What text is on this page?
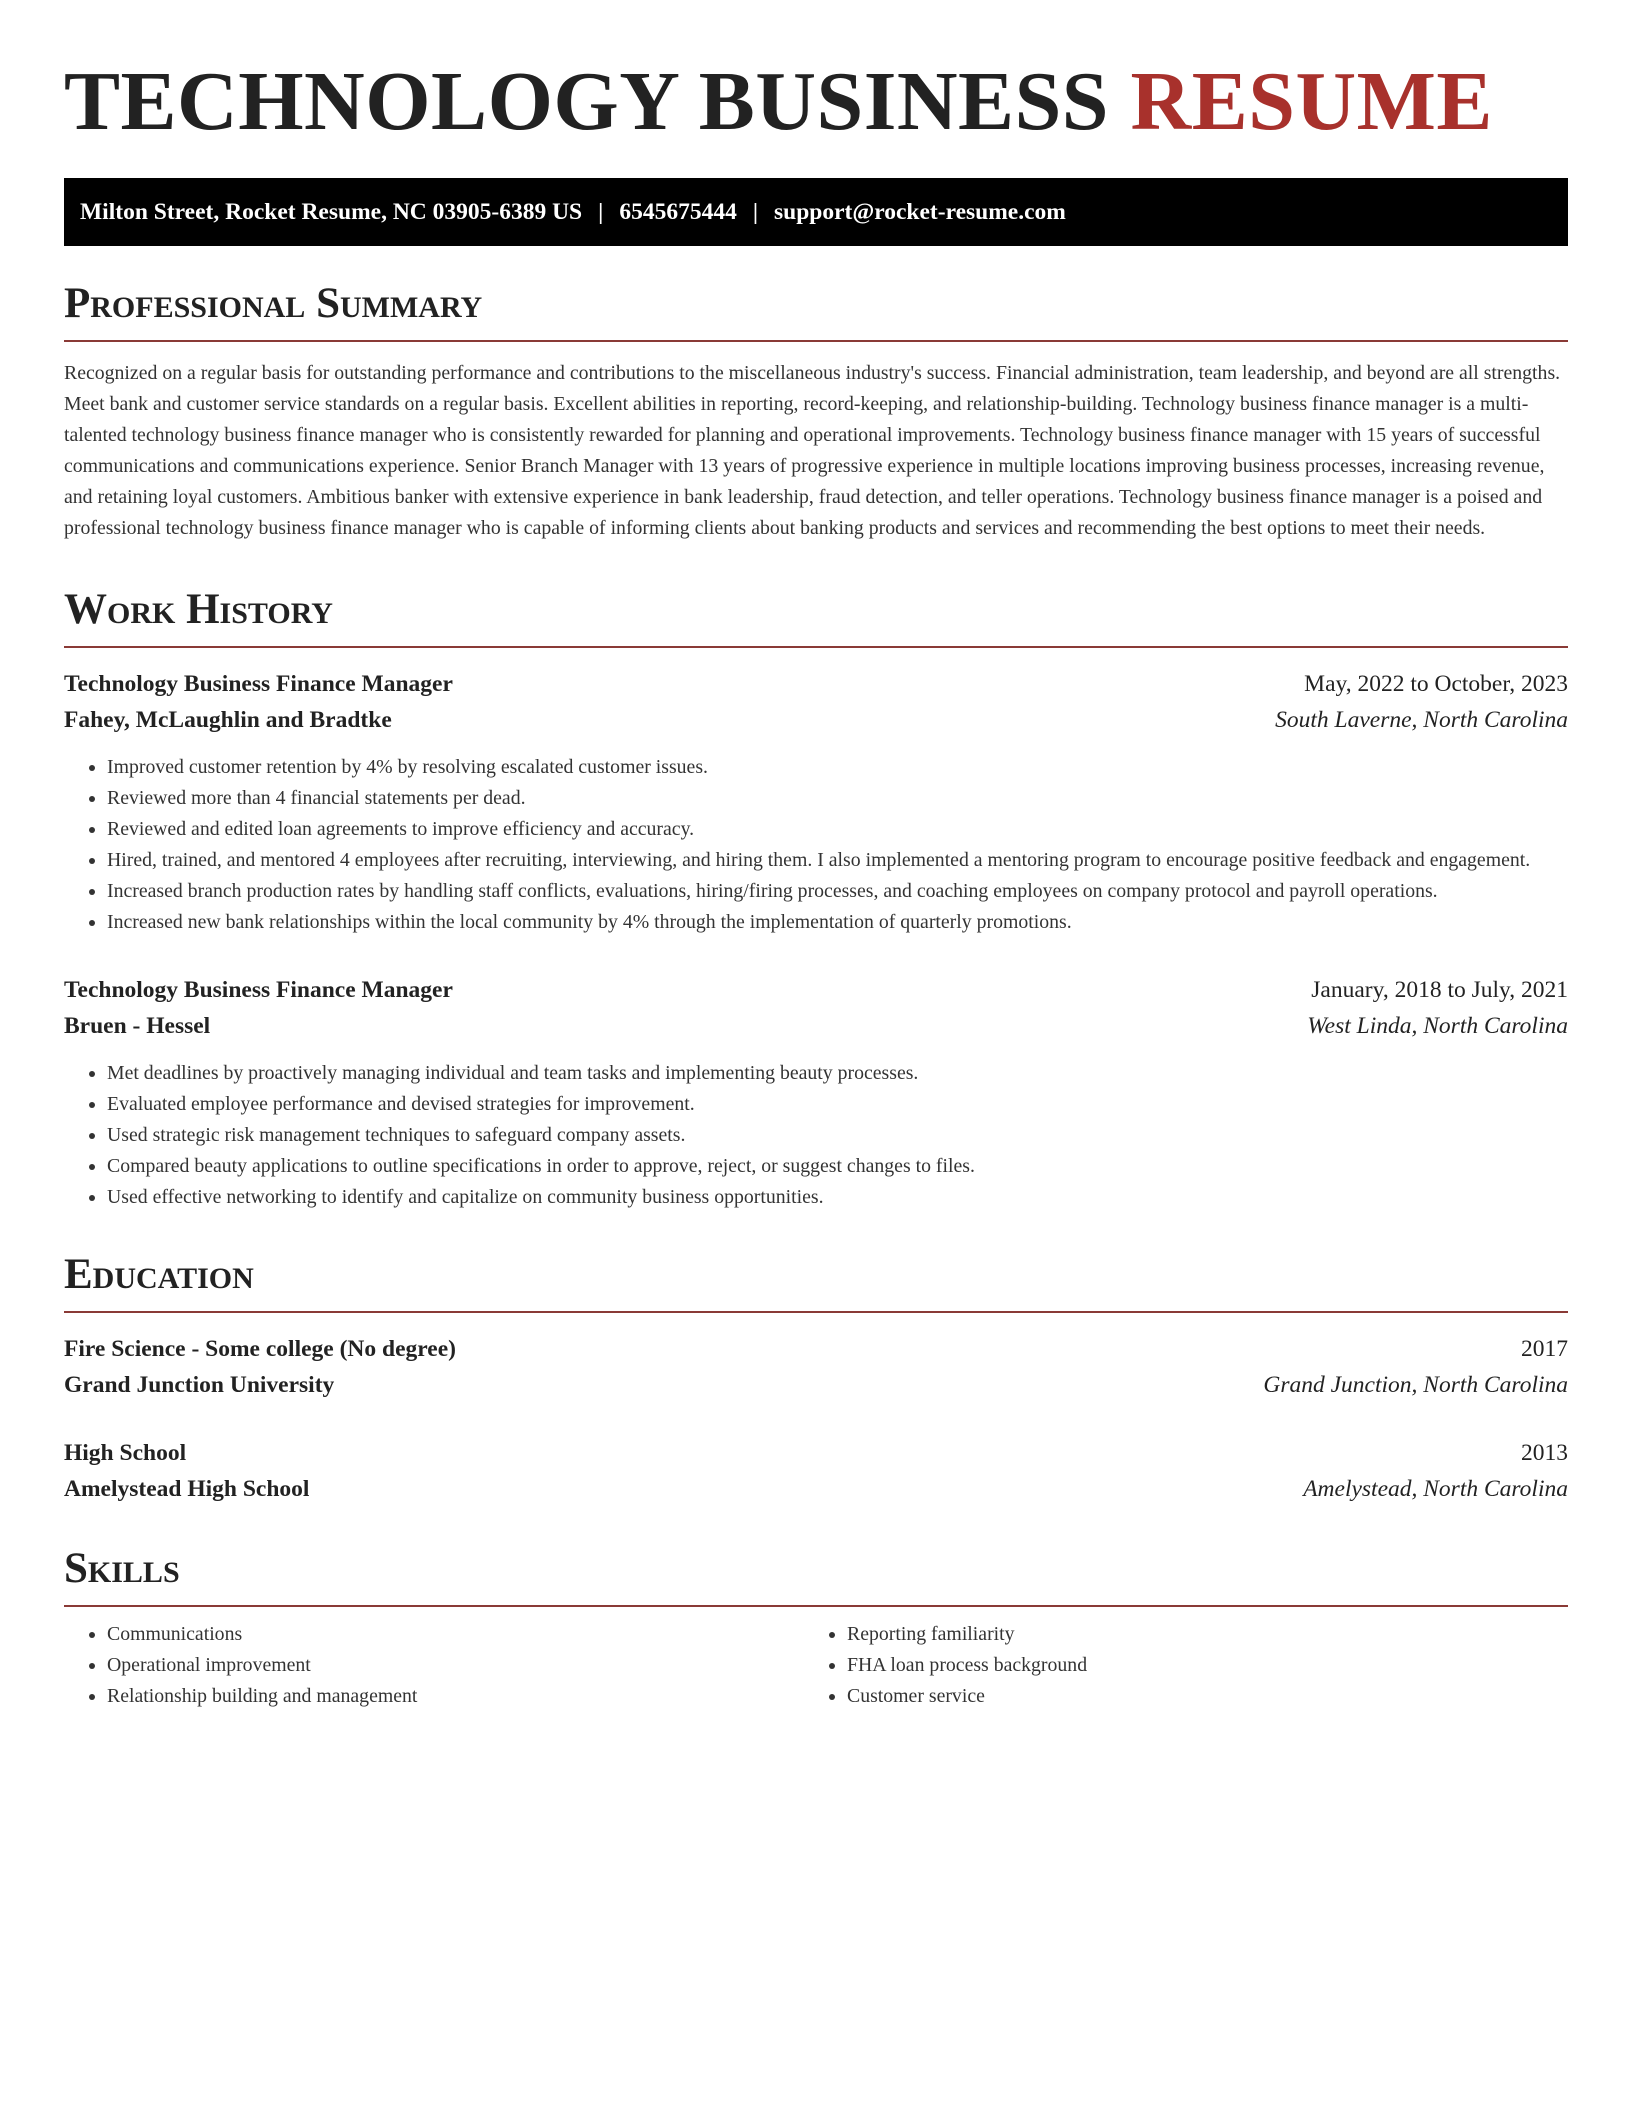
TECHNOLOGY BUSINESS RESUME
Milton Street, Rocket Resume, NC 03905-6389 US | 6545675444 | support@rocket-resume.com
Professional Summary

Recognized on a regular basis for outstanding performance and contributions to the miscellaneous industry's success. Financial administration, team leadership, and beyond are all strengths. Meet bank and customer service standards on a regular basis. Excellent abilities in reporting, record-keeping, and relationship-building. Technology business finance manager is a multi-talented technology business finance manager who is consistently rewarded for planning and operational improvements. Technology business finance manager with 15 years of successful communications and communications experience. Senior Branch Manager with 13 years of progressive experience in multiple locations improving business processes, increasing revenue, and retaining loyal customers. Ambitious banker with extensive experience in bank leadership, fraud detection, and teller operations. Technology business finance manager is a poised and professional technology business finance manager who is capable of informing clients about banking products and services and recommending the best options to meet their needs.

Work History
Technology Business Finance Manager	May, 2022 to October, 2023
Fahey, McLaughlin and Bradtke	South Laverne, North Carolina
• Improved customer retention by 4% by resolving escalated customer issues.
• Reviewed more than 4 financial statements per dead.
• Reviewed and edited loan agreements to improve efficiency and accuracy.
• Hired, trained, and mentored 4 employees after recruiting, interviewing, and hiring them. I also implemented a mentoring program to encourage positive feedback and engagement.
• Increased branch production rates by handling staff conflicts, evaluations, hiring/firing processes, and coaching employees on company protocol and payroll operations.
• Increased new bank relationships within the local community by 4% through the implementation of quarterly promotions.
Technology Business Finance Manager	January, 2018 to July, 2021
Bruen - Hessel	West Linda, North Carolina
• Met deadlines by proactively managing individual and team tasks and implementing beauty processes.
• Evaluated employee performance and devised strategies for improvement.
• Used strategic risk management techniques to safeguard company assets.
• Compared beauty applications to outline specifications in order to approve, reject, or suggest changes to files.
• Used effective networking to identify and capitalize on community business opportunities.
Education
Fire Science - Some college (No degree)	2017
Grand Junction University	Grand Junction, North Carolina
High School	2013
Amelystead High School	Amelystead, North Carolina
Skills
• Communications
• Operational improvement
• Relationship building and management
• Reporting familiarity
• FHA loan process background
• Customer service
